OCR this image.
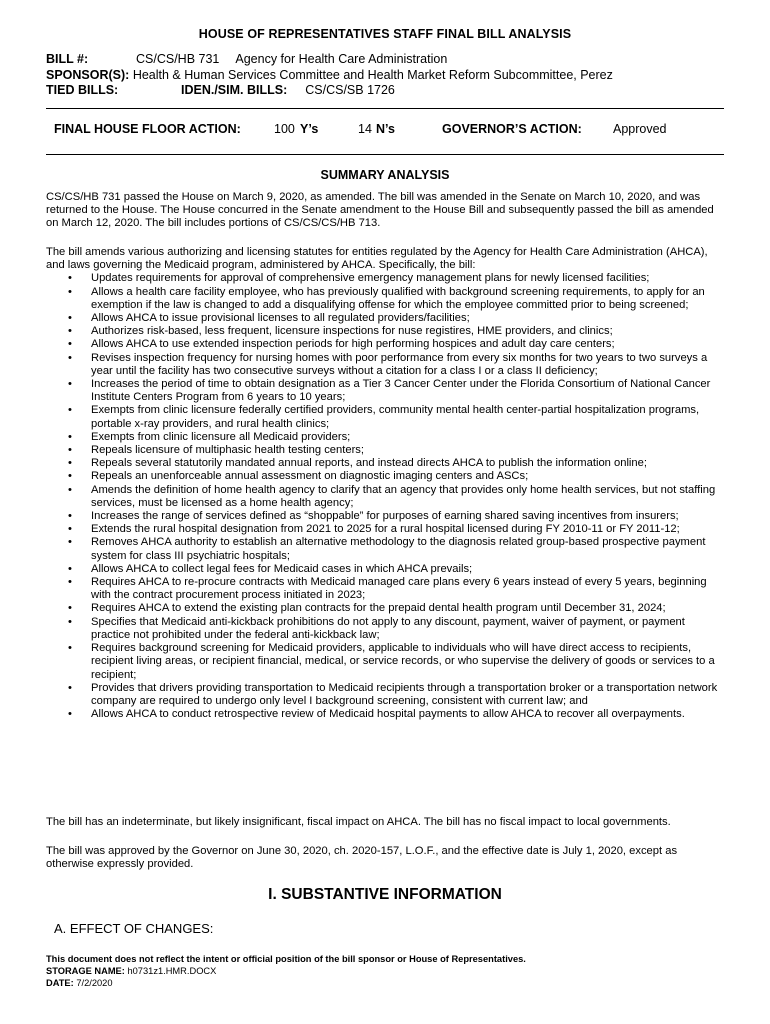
HOUSE OF REPRESENTATIVES STAFF FINAL BILL ANALYSIS
BILL #:	CS/CS/HB 731 Agency for Health Care Administration
SPONSOR(S): Health & Human Services Committee and Health Market Reform Subcommittee, Perez
TIED BILLS:	IDEN./SIM. BILLS: CS/CS/SB 1726
FINAL HOUSE FLOOR ACTION:	100 Y’s	14 N’s	GOVERNOR’S ACTION: Approved
SUMMARY ANALYSIS
CS/CS/HB 731 passed the House on March 9, 2020, as amended. The bill was amended in the Senate on March 10, 2020, and was returned to the House. The House concurred in the Senate amendment to the House Bill and subsequently passed the bill as amended on March 12, 2020. The bill includes portions of CS/CS/CS/HB 713.
The bill amends various authorizing and licensing statutes for entities regulated by the Agency for Health Care Administration (AHCA), and laws governing the Medicaid program, administered by AHCA. Specifically, the bill:
• Updates requirements for approval of comprehensive emergency management plans for newly licensed facilities;
• Allows a health care facility employee, who has previously qualified with background screening requirements, to apply for an exemption if the law is changed to add a disqualifying offense for which the employee committed prior to being screened;
• Allows AHCA to issue provisional licenses to all regulated providers/facilities;
• Authorizes risk-based, less frequent, licensure inspections for nuse registires, HME providers, and clinics;
• Allows AHCA to use extended inspection periods for high performing hospices and adult day care centers;
• Revises inspection frequency for nursing homes with poor performance from every six months for two years to two surveys a year until the facility has two consecutive surveys without a citation for a class I or a class II deficiency;
• Increases the period of time to obtain designation as a Tier 3 Cancer Center under the Florida Consortium of National Cancer Institute Centers Program from 6 years to 10 years;
• Exempts from clinic licensure federally certified providers, community mental health center-partial hospitalization programs, portable x-ray providers, and rural health clinics;
• Exempts from clinic licensure all Medicaid providers;
• Repeals licensure of multiphasic health testing centers;
• Repeals several statutorily mandated annual reports, and instead directs AHCA to publish the information online;
• Repeals an unenforceable annual assessment on diagnostic imaging centers and ASCs;
• Amends the definition of home health agency to clarify that an agency that provides only home health services, but not staffing services, must be licensed as a home health agency;
• Increases the range of services defined as “shoppable” for purposes of earning shared saving incentives from insurers;
• Extends the rural hospital designation from 2021 to 2025 for a rural hospital licensed during FY 2010-11 or FY 2011-12;
• Removes AHCA authority to establish an alternative methodology to the diagnosis related group-based prospective payment system for class III psychiatric hospitals;
• Allows AHCA to collect legal fees for Medicaid cases in which AHCA prevails;
• Requires AHCA to re-procure contracts with Medicaid managed care plans every 6 years instead of every 5 years, beginning with the contract procurement process initiated in 2023;
• Requires AHCA to extend the existing plan contracts for the prepaid dental health program until December 31, 2024;
• Specifies that Medicaid anti-kickback prohibitions do not apply to any discount, payment, waiver of payment, or payment practice not prohibited under the federal anti-kickback law;
• Requires background screening for Medicaid providers, applicable to individuals who will have direct access to recipients, recipient living areas, or recipient financial, medical, or service records, or who supervise the delivery of goods or services to a recipient;
• Provides that drivers providing transportation to Medicaid recipients through a transportation broker or a transportation network company are required to undergo only level I background screening, consistent with current law; and
• Allows AHCA to conduct retrospective review of Medicaid hospital payments to allow AHCA to recover all overpayments.
The bill has an indeterminate, but likely insignificant, fiscal impact on AHCA. The bill has no fiscal impact to local governments.
The bill was approved by the Governor on June 30, 2020, ch. 2020-157, L.O.F., and the effective date is July 1, 2020, except as otherwise expressly provided.
I. SUBSTANTIVE INFORMATION
A. EFFECT OF CHANGES:
This document does not reflect the intent or official position of the bill sponsor or House of Representatives.
STORAGE NAME: h0731z1.HMR.DOCX
DATE: 7/2/2020
